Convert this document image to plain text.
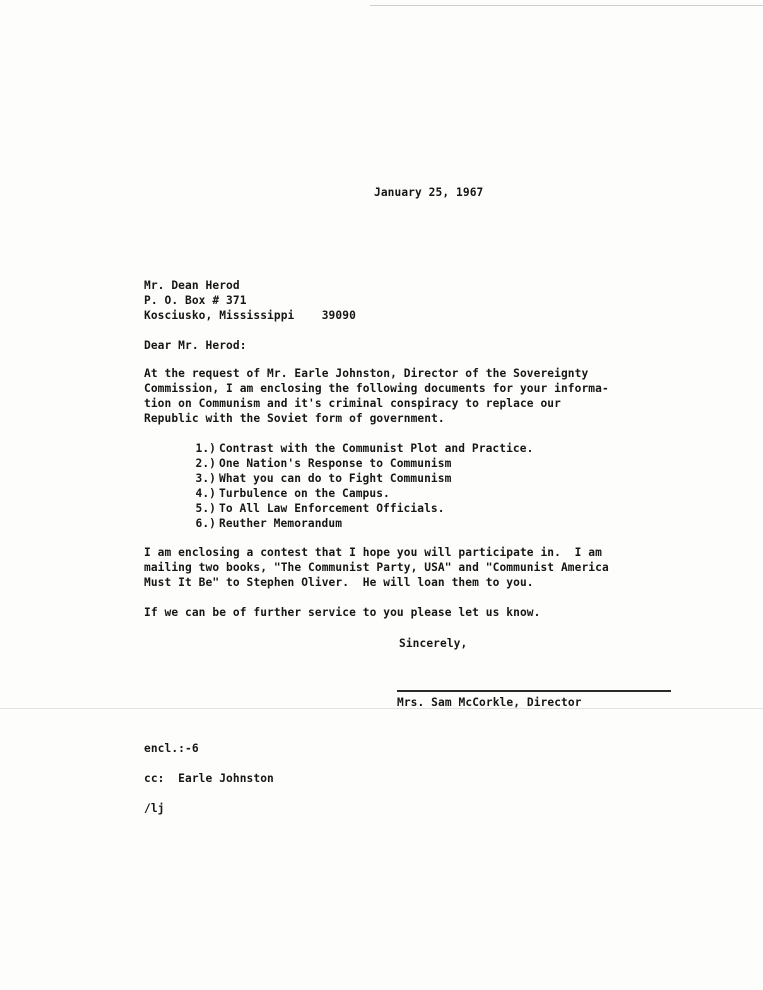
January 25, 1967
Mr. Dean Herod
P. O. Box # 371
Kosciusko, Mississippi    39090
Dear Mr. Herod:
At the request of Mr. Earle Johnston, Director of the Sovereignty
Commission, I am enclosing the following documents for your informa-
tion on Communism and it's criminal conspiracy to replace our
Republic with the Soviet form of government.
1.) Contrast with the Communist Plot and Practice.
2.) One Nation's Response to Communism
3.) What you can do to Fight Communism
4.) Turbulence on the Campus.
5.) To All Law Enforcement Officials.
6.) Reuther Memorandum
I am enclosing a contest that I hope you will participate in.  I am
mailing two books, "The Communist Party, USA" and "Communist America
Must It Be" to Stephen Oliver.  He will loan them to you.
If we can be of further service to you please let us know.
Sincerely,
Mrs. Sam McCorkle, Director
encl.:-6
cc:  Earle Johnston
/lj
